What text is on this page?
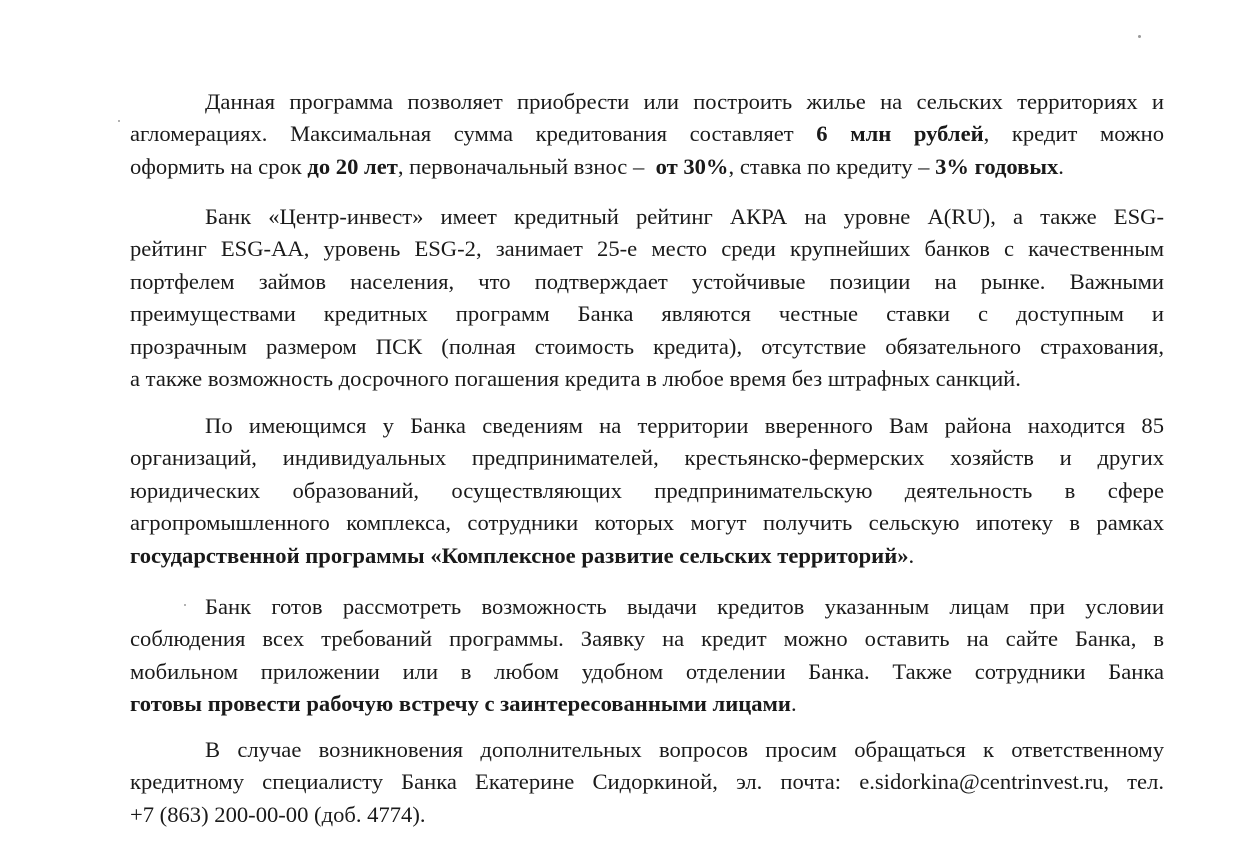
Данная программа позволяет приобрести или построить жилье на сельских территориях и
агломерациях. Максимальная сумма кредитования составляет 6 млн рублей, кредит можно
оформить на срок до 20 лет, первоначальный взнос –  от 30%, ставка по кредиту – 3% годовых.
Банк «Центр-инвест» имеет кредитный рейтинг АКРА на уровне А(RU), а также ESG-
рейтинг ESG-AA, уровень ESG-2, занимает 25-е место среди крупнейших банков с качественным
портфелем займов населения, что подтверждает устойчивые позиции на рынке. Важными
преимуществами кредитных программ Банка являются честные ставки с доступным и
прозрачным размером ПСК (полная стоимость кредита), отсутствие обязательного страхования,
а также возможность досрочного погашения кредита в любое время без штрафных санкций.
По имеющимся у Банка сведениям на территории вверенного Вам района находится 85
организаций, индивидуальных предпринимателей, крестьянско-фермерских хозяйств и других
юридических образований, осуществляющих предпринимательскую деятельность в сфере
агропромышленного комплекса, сотрудники которых могут получить сельскую ипотеку в рамках
государственной программы «Комплексное развитие сельских территорий».
Банк готов рассмотреть возможность выдачи кредитов указанным лицам при условии
соблюдения всех требований программы. Заявку на кредит можно оставить на сайте Банка, в
мобильном приложении или в любом удобном отделении Банка. Также сотрудники Банка
готовы провести рабочую встречу с заинтересованными лицами.
В случае возникновения дополнительных вопросов просим обращаться к ответственному
кредитному специалисту Банка Екатерине Сидоркиной, эл. почта: e.sidorkina@centrinvest.ru, тел.
+7 (863) 200-00-00 (доб. 4774).
